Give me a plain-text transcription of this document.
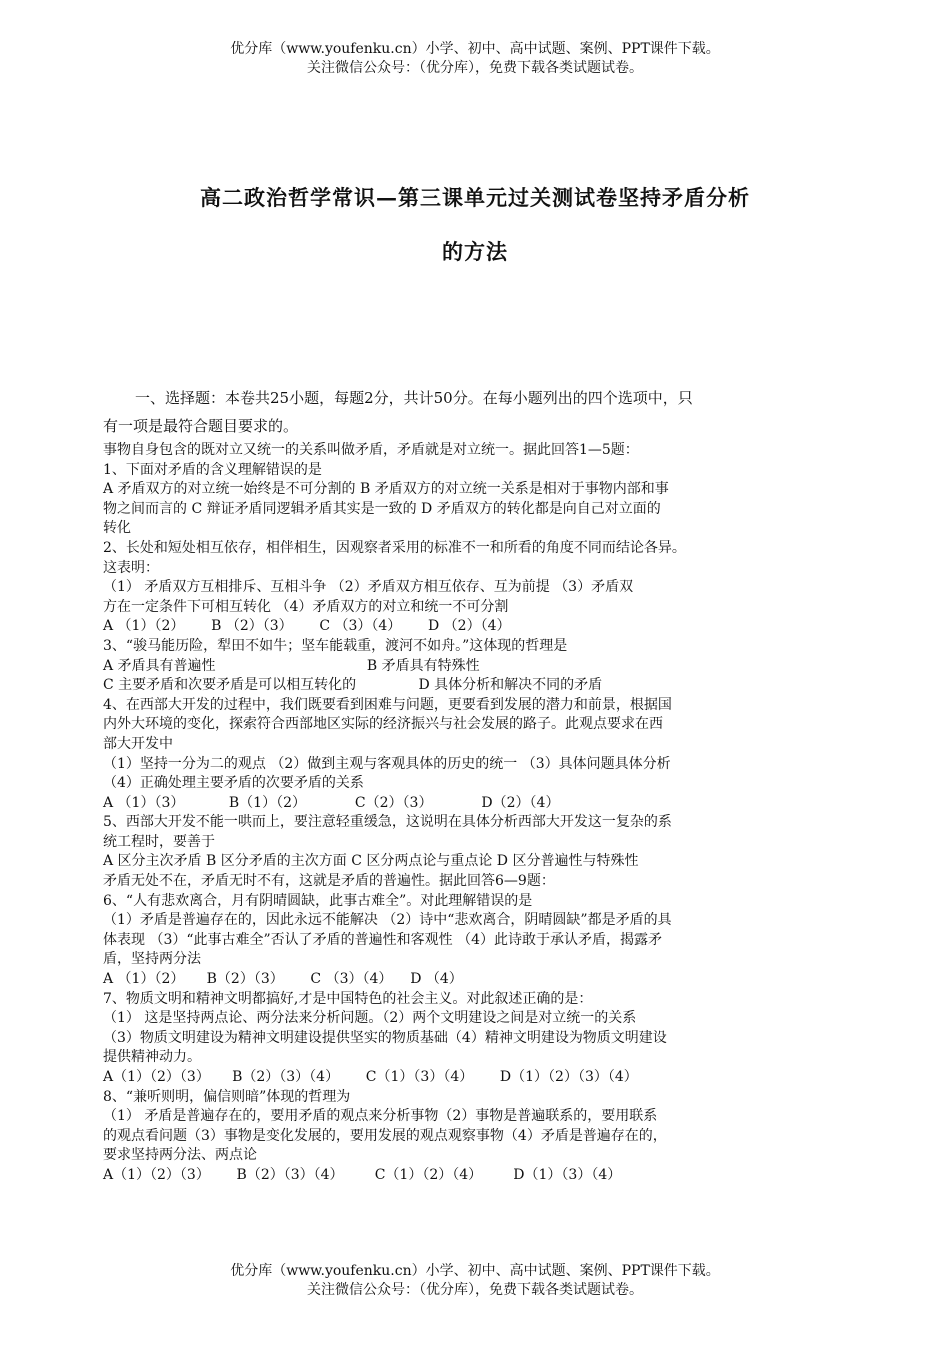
优分库（www.youfenku.cn）小学、初中、高中试题、案例、PPT课件下载。
关注微信公众号：（优分库），免费下载各类试题试卷。
高二政治哲学常识—第三课单元过关测试卷坚持矛盾分析
的方法

一、选择题：本卷共25小题，每题2分，共计50分。在每小题列出的四个选项中，只

有一项是最符合题目要求的。

事物自身包含的既对立又统一的关系叫做矛盾，矛盾就是对立统一。据此回答1—5题：

1、下面对矛盾的含义理解错误的是

A 矛盾双方的对立统一始终是不可分割的 B 矛盾双方的对立统一关系是相对于事物内部和事

物之间而言的 C 辩证矛盾同逻辑矛盾其实是一致的 D 矛盾双方的转化都是向自己对立面的

转化

2、长处和短处相互依存，相伴相生，因观察者采用的标准不一和所看的角度不同而结论各异。

这表明：

（1） 矛盾双方互相排斥、互相斗争 （2）矛盾双方相互依存、互为前提 （3）矛盾双

方在一定条件下可相互转化 （4）矛盾双方的对立和统一不可分割

A （1）（2）      B （2）（3）      C （3）（4）      D （2）（4）

3、“骏马能历险，犁田不如牛；坚车能载重，渡河不如舟。”这体现的哲理是

A 矛盾具有普遍性                                  B 矛盾具有特殊性

C 主要矛盾和次要矛盾是可以相互转化的              D 具体分析和解决不同的矛盾

4、在西部大开发的过程中，我们既要看到困难与问题，更要看到发展的潜力和前景，根据国

内外大环境的变化，探索符合西部地区实际的经济振兴与社会发展的路子。此观点要求在西

部大开发中

（1）坚持一分为二的观点 （2）做到主观与客观具体的历史的统一 （3）具体问题具体分析

（4）正确处理主要矛盾的次要矛盾的关系

A （1）（3）          B（1）（2）           C（2）（3）           D（2）（4）

5、西部大开发不能一哄而上，要注意轻重缓急，这说明在具体分析西部大开发这一复杂的系

统工程时，要善于

A 区分主次矛盾 B 区分矛盾的主次方面 C 区分两点论与重点论 D 区分普遍性与特殊性

矛盾无处不在，矛盾无时不有，这就是矛盾的普遍性。据此回答6—9题：

6、“人有悲欢离合，月有阴晴圆缺，此事古难全”。对此理解错误的是

（1）矛盾是普遍存在的，因此永远不能解决 （2）诗中“悲欢离合，阴晴圆缺”都是矛盾的具

体表现 （3）“此事古难全”否认了矛盾的普遍性和客观性 （4）此诗敢于承认矛盾，揭露矛

盾，坚持两分法

A （1）（2）     B（2）（3）      C （3）（4）    D （4）

7、物质文明和精神文明都搞好,才是中国特色的社会主义。对此叙述正确的是：

（1） 这是坚持两点论、两分法来分析问题。（2）两个文明建设之间是对立统一的关系

（3）物质文明建设为精神文明建设提供坚实的物质基础（4）精神文明建设为物质文明建设

提供精神动力。

A（1）（2）（3）     B（2）（3）（4）      C（1）（3）（4）      D（1）（2）（3）（4）

8、“兼听则明，偏信则暗”体现的哲理为

（1） 矛盾是普遍存在的，要用矛盾的观点来分析事物（2）事物是普遍联系的，要用联系

的观点看问题（3）事物是变化发展的，要用发展的观点观察事物（4）矛盾是普遍存在的，

要求坚持两分法、两点论

A（1）（2）（3）      B（2）（3）（4）       C（1）（2）（4）       D（1）（3）（4）

优分库（www.youfenku.cn）小学、初中、高中试题、案例、PPT课件下载。
关注微信公众号：（优分库），免费下载各类试题试卷。
